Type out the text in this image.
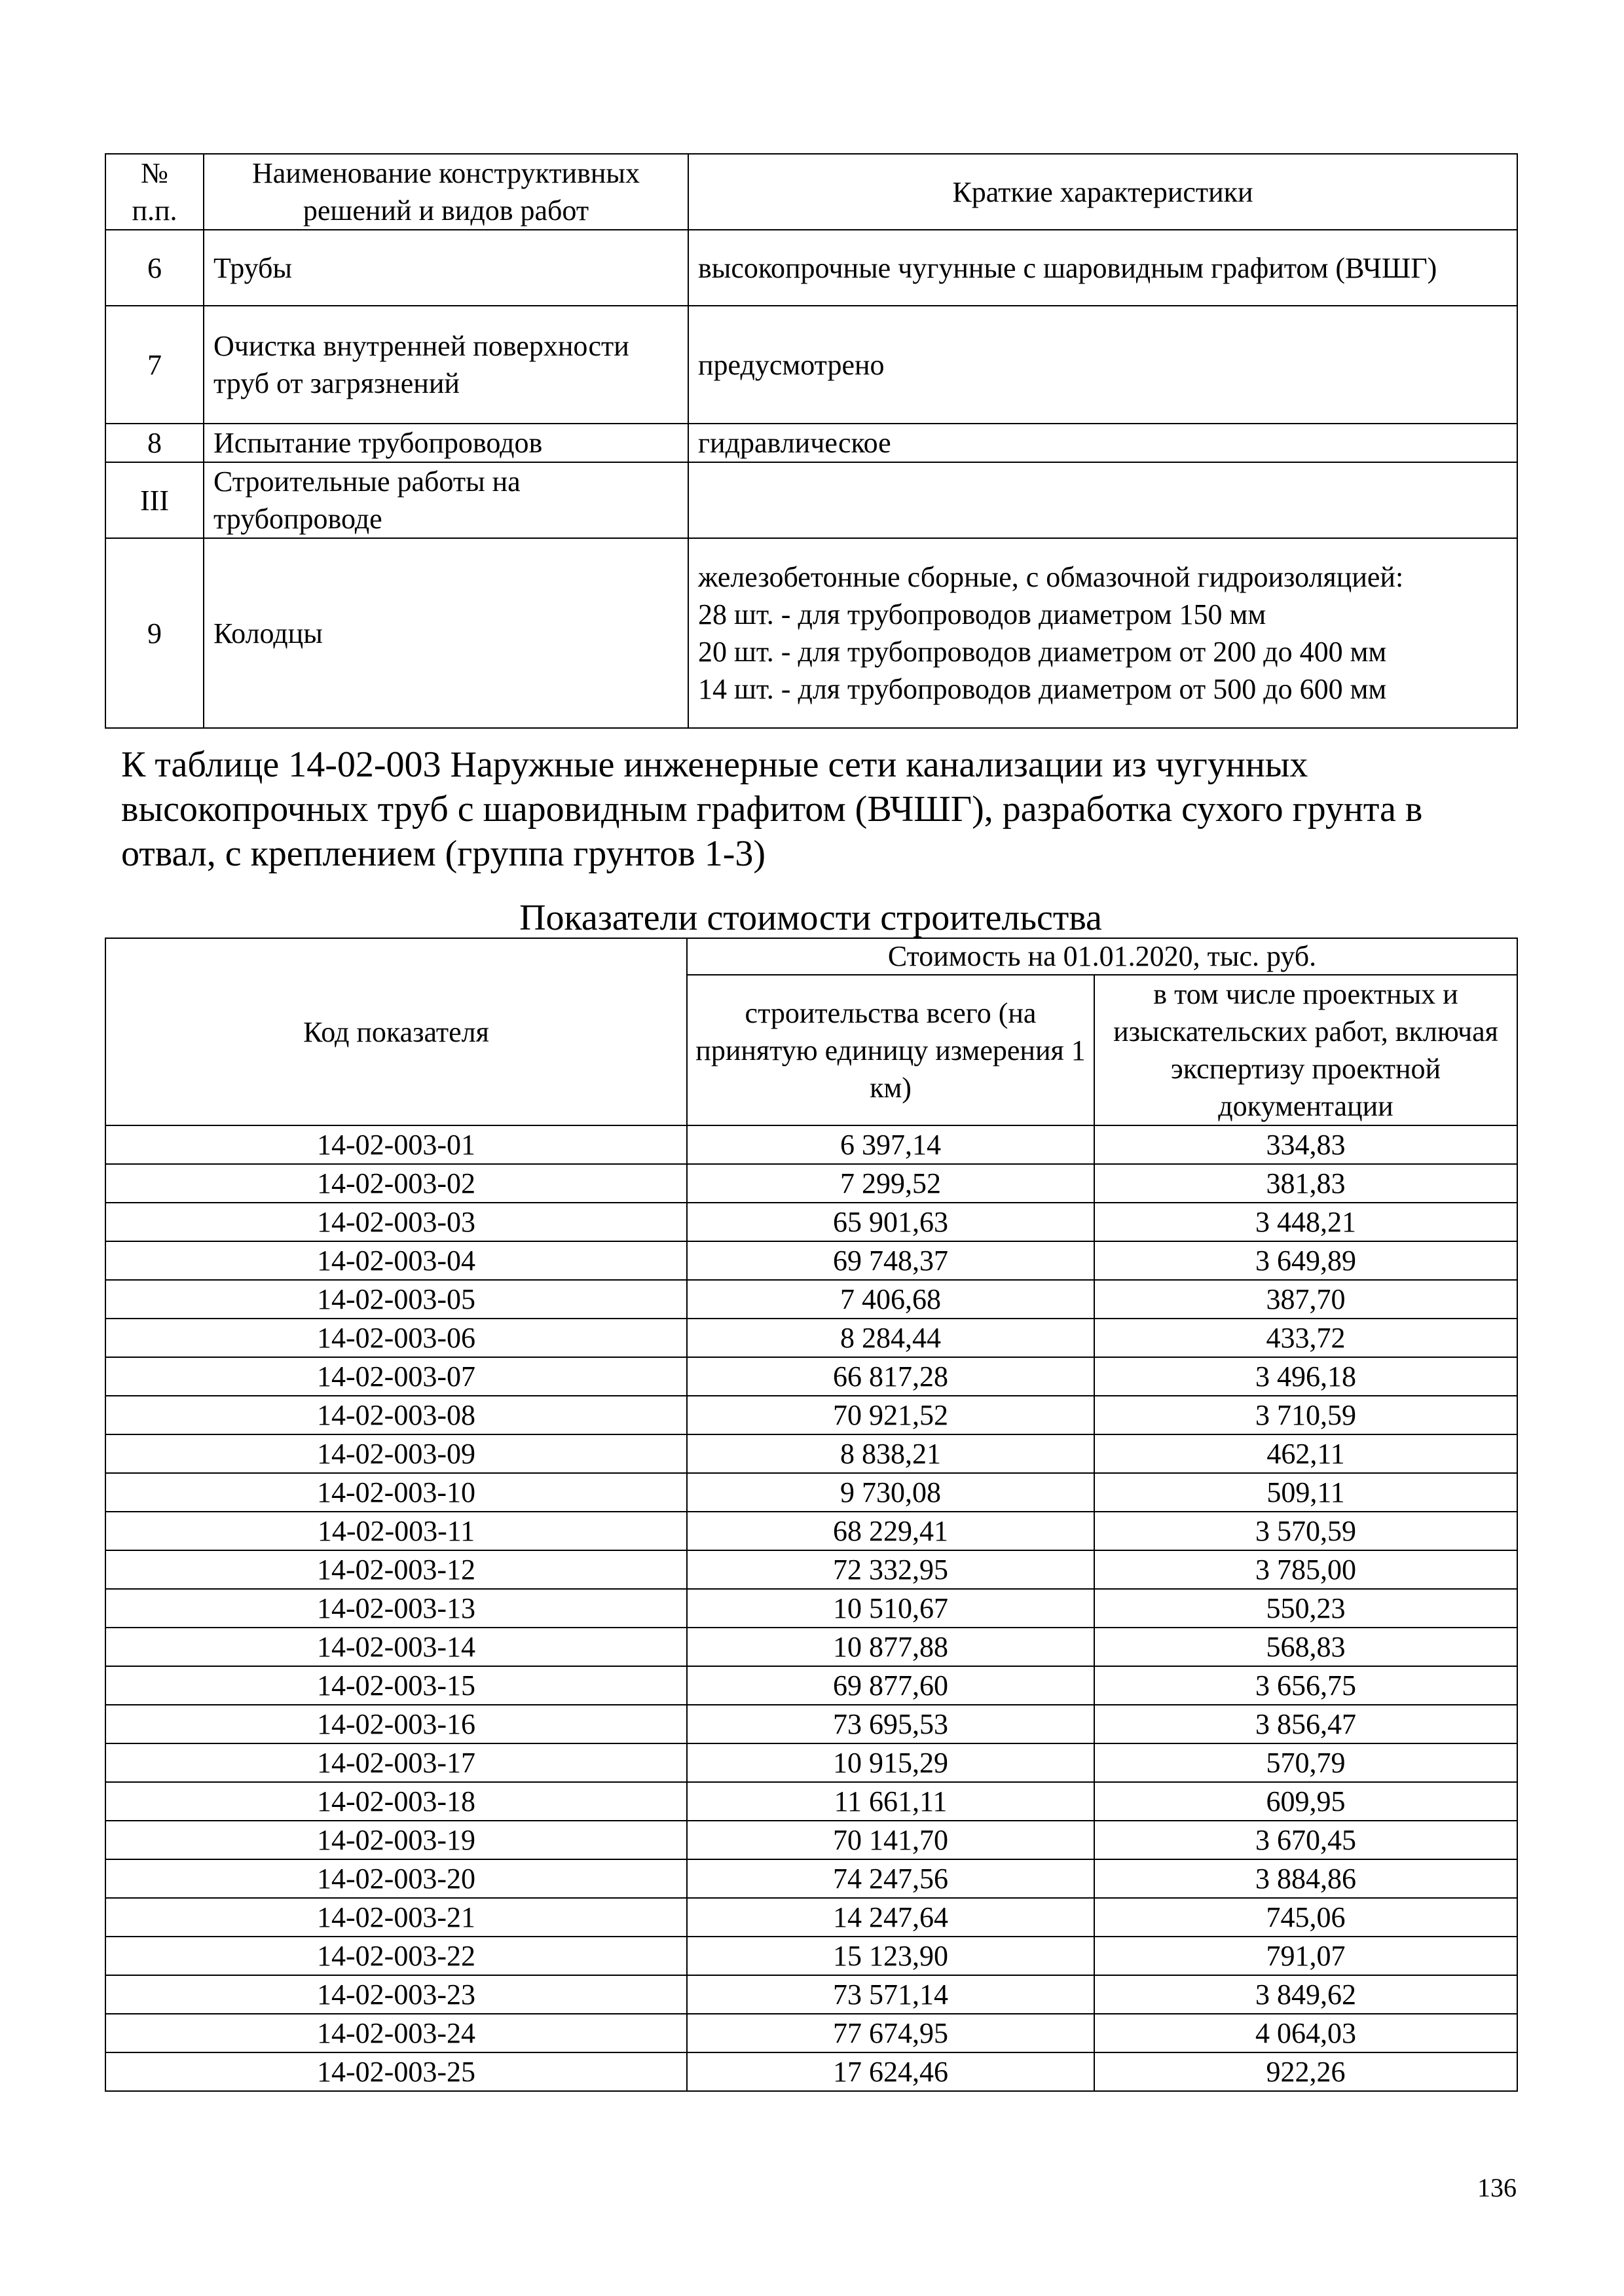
№ п.п.	Наименование конструктивных решений и видов работ	Краткие характеристики
6	Трубы	высокопрочные чугунные с шаровидным графитом (ВЧШГ)

7	Очистка внутренней поверхности труб от загрязнений	предусмотрено

8	Испытание трубопроводов	гидравлическое

III	Строительные работы на трубопроводе	

9	Колодцы	железобетонные сборные, с обмазочной гидроизоляцией:
28 шт. - для трубопроводов диаметром 150 мм
20 шт. - для трубопроводов диаметром от 200 до 400 мм
14 шт. - для трубопроводов диаметром от 500 до 600 мм
К таблице 14-02-003 Наружные инженерные сети канализации из чугунных высокопрочных труб с шаровидным графитом (ВЧШГ), разработка сухого грунта в отвал, с креплением (группа грунтов 1-3)
Показатели стоимости строительства
Код показателя	Стоимость на 01.01.2020, тыс. руб.	
	строительства всего (на принятую единицу измерения 1 км)	в том числе проектных и изыскательских работ, включая экспертизу проектной документации
14-02-003-01	6 397,14	334,83
14-02-003-02	7 299,52	381,83
14-02-003-03	65 901,63	3 448,21
14-02-003-04	69 748,37	3 649,89
14-02-003-05	7 406,68	387,70
14-02-003-06	8 284,44	433,72
14-02-003-07	66 817,28	3 496,18
14-02-003-08	70 921,52	3 710,59
14-02-003-09	8 838,21	462,11
14-02-003-10	9 730,08	509,11
14-02-003-11	68 229,41	3 570,59
14-02-003-12	72 332,95	3 785,00
14-02-003-13	10 510,67	550,23
14-02-003-14	10 877,88	568,83
14-02-003-15	69 877,60	3 656,75
14-02-003-16	73 695,53	3 856,47
14-02-003-17	10 915,29	570,79
14-02-003-18	11 661,11	609,95
14-02-003-19	70 141,70	3 670,45
14-02-003-20	74 247,56	3 884,86
14-02-003-21	14 247,64	745,06
14-02-003-22	15 123,90	791,07
14-02-003-23	73 571,14	3 849,62
14-02-003-24	77 674,95	4 064,03
14-02-003-25	17 624,46	922,26
136
